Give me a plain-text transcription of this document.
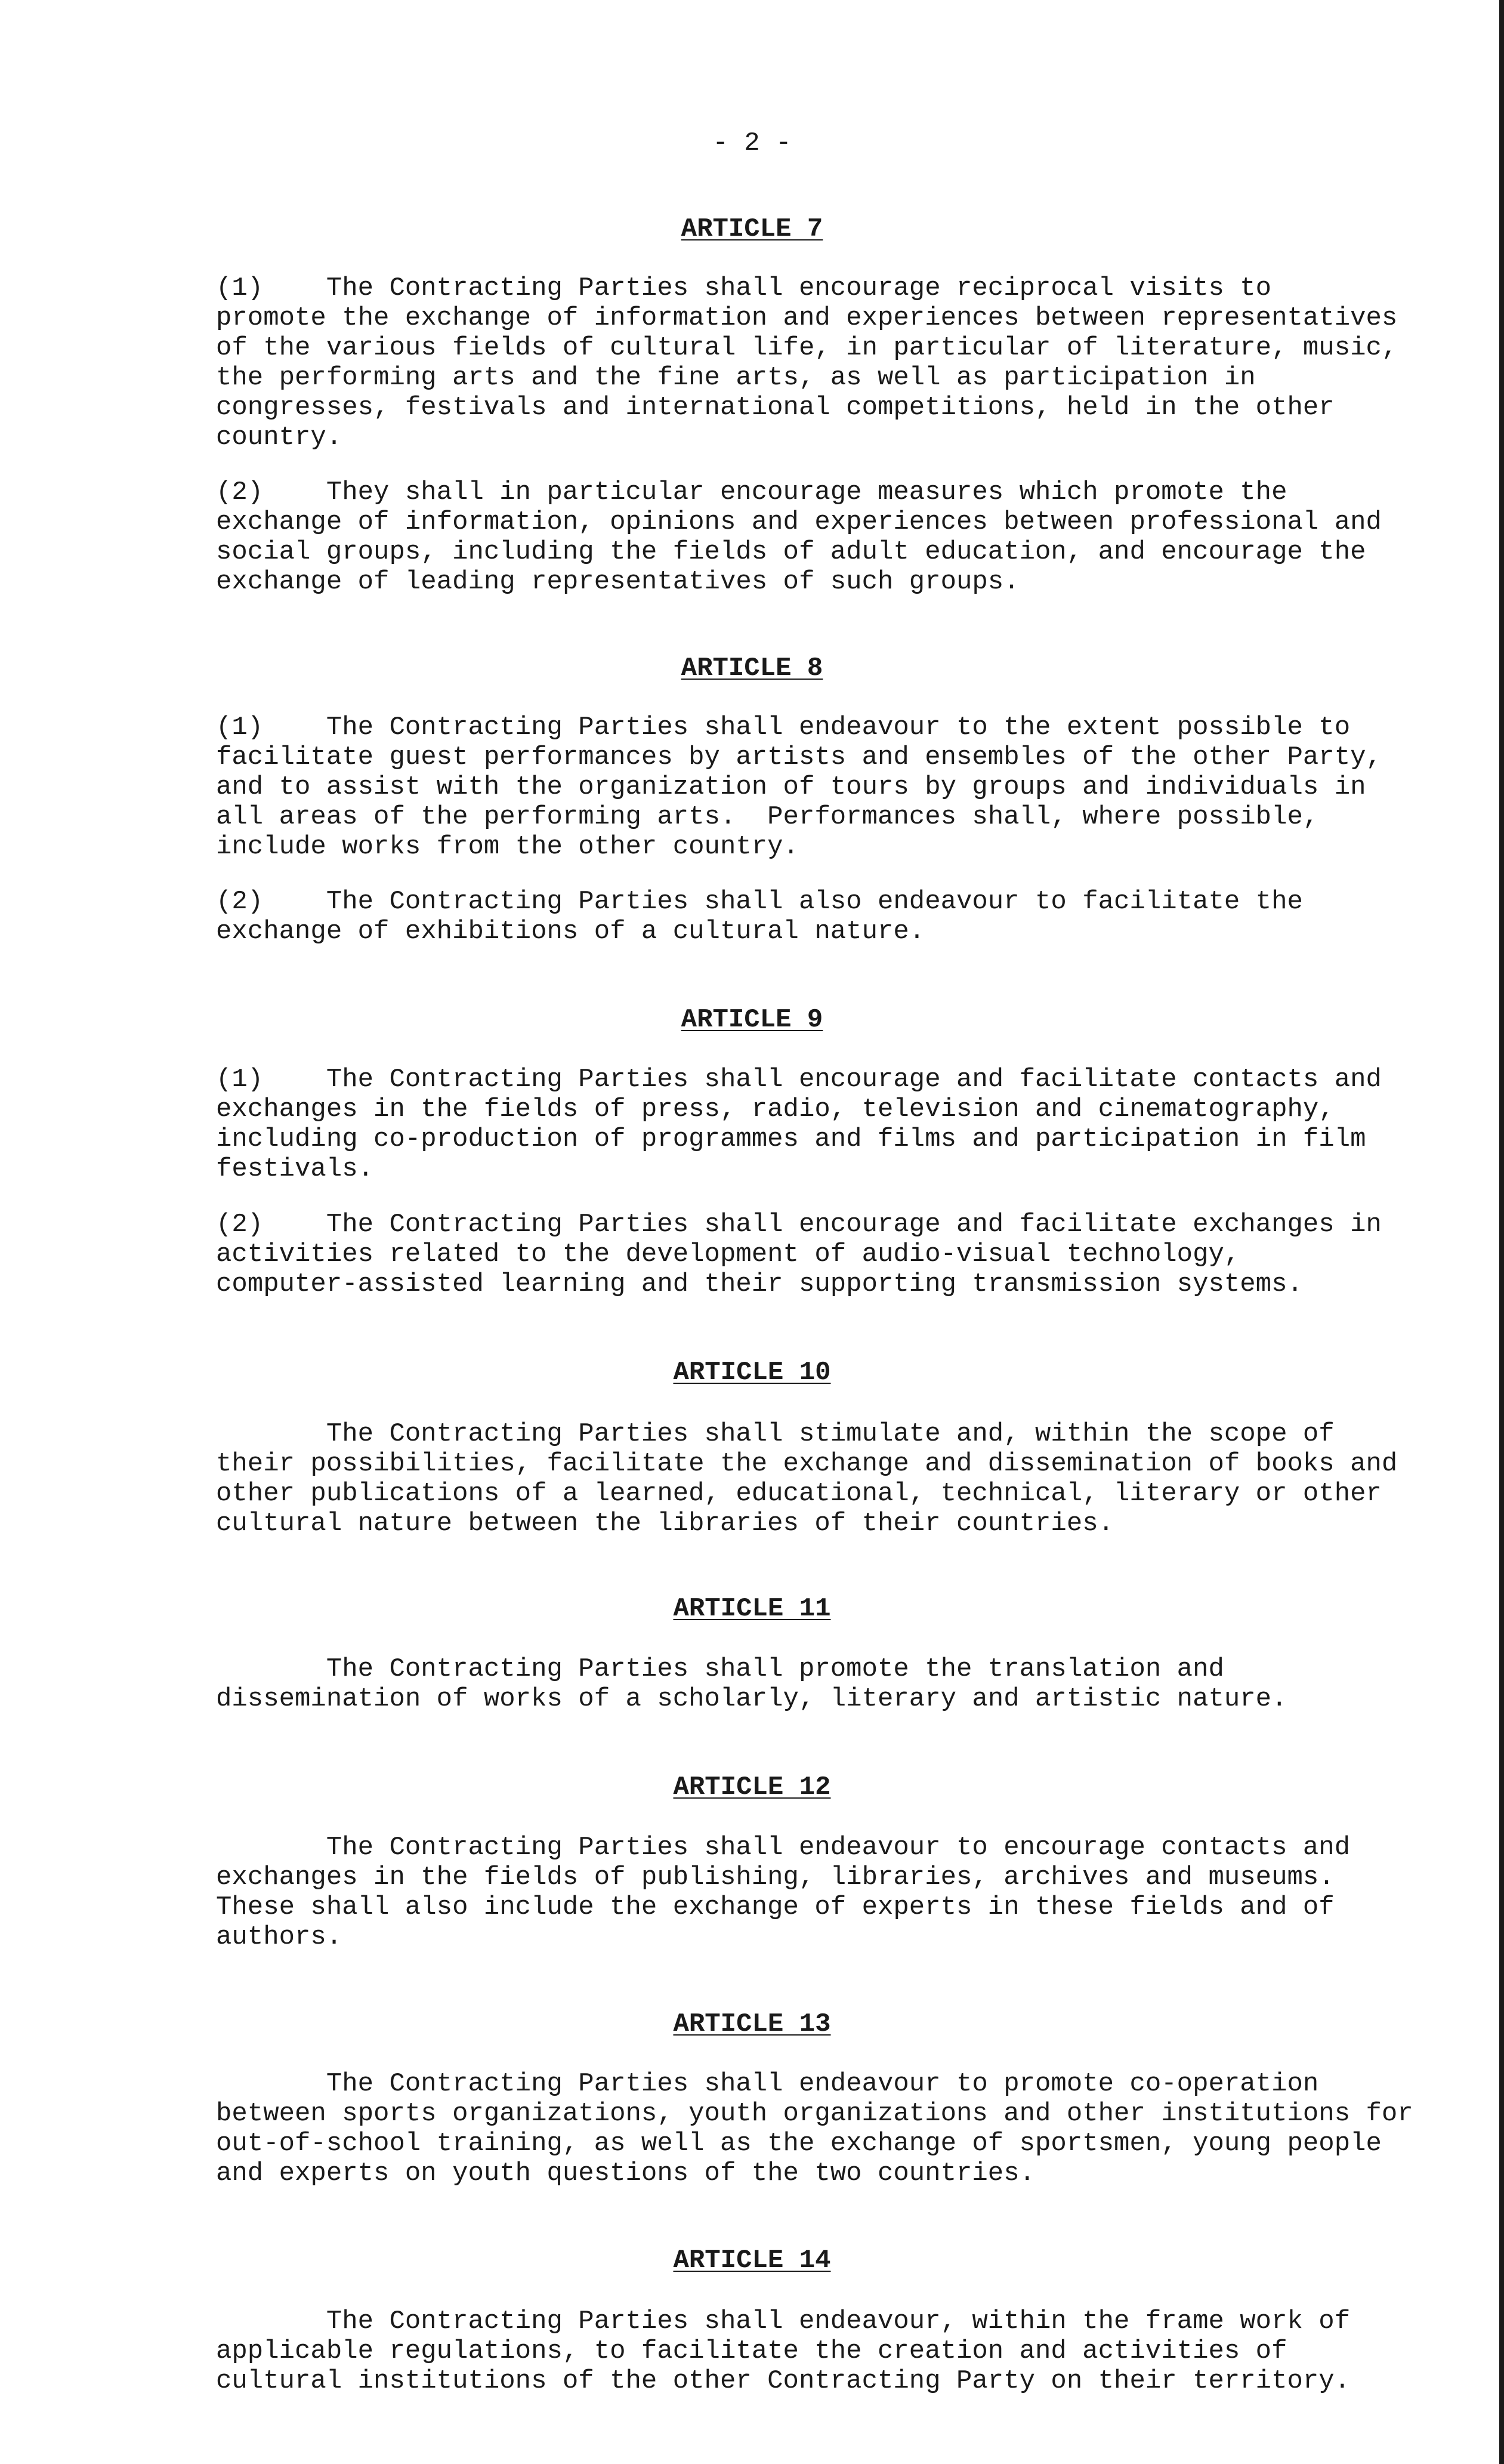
- 2 -

ARTICLE 7

(1)    The Contracting Parties shall encourage reciprocal visits to
promote the exchange of information and experiences between representatives
of the various fields of cultural life, in particular of literature, music,
the performing arts and the fine arts, as well as participation in
congresses, festivals and international competitions, held in the other
country.

(2)    They shall in particular encourage measures which promote the
exchange of information, opinions and experiences between professional and
social groups, including the fields of adult education, and encourage the
exchange of leading representatives of such groups.

ARTICLE 8

(1)    The Contracting Parties shall endeavour to the extent possible to
facilitate guest performances by artists and ensembles of the other Party,
and to assist with the organization of tours by groups and individuals in
all areas of the performing arts.  Performances shall, where possible,
include works from the other country.

(2)    The Contracting Parties shall also endeavour to facilitate the
exchange of exhibitions of a cultural nature.

ARTICLE 9

(1)    The Contracting Parties shall encourage and facilitate contacts and
exchanges in the fields of press, radio, television and cinematography,
including co-production of programmes and films and participation in film
festivals.

(2)    The Contracting Parties shall encourage and facilitate exchanges in
activities related to the development of audio-visual technology,
computer-assisted learning and their supporting transmission systems.

ARTICLE 10

The Contracting Parties shall stimulate and, within the scope of
their possibilities, facilitate the exchange and dissemination of books and
other publications of a learned, educational, technical, literary or other
cultural nature between the libraries of their countries.

ARTICLE 11

The Contracting Parties shall promote the translation and
dissemination of works of a scholarly, literary and artistic nature.

ARTICLE 12

The Contracting Parties shall endeavour to encourage contacts and
exchanges in the fields of publishing, libraries, archives and museums.
These shall also include the exchange of experts in these fields and of
authors.

ARTICLE 13

The Contracting Parties shall endeavour to promote co-operation
between sports organizations, youth organizations and other institutions for
out-of-school training, as well as the exchange of sportsmen, young people
and experts on youth questions of the two countries.

ARTICLE 14

The Contracting Parties shall endeavour, within the frame work of
applicable regulations, to facilitate the creation and activities of
cultural institutions of the other Contracting Party on their territory.
